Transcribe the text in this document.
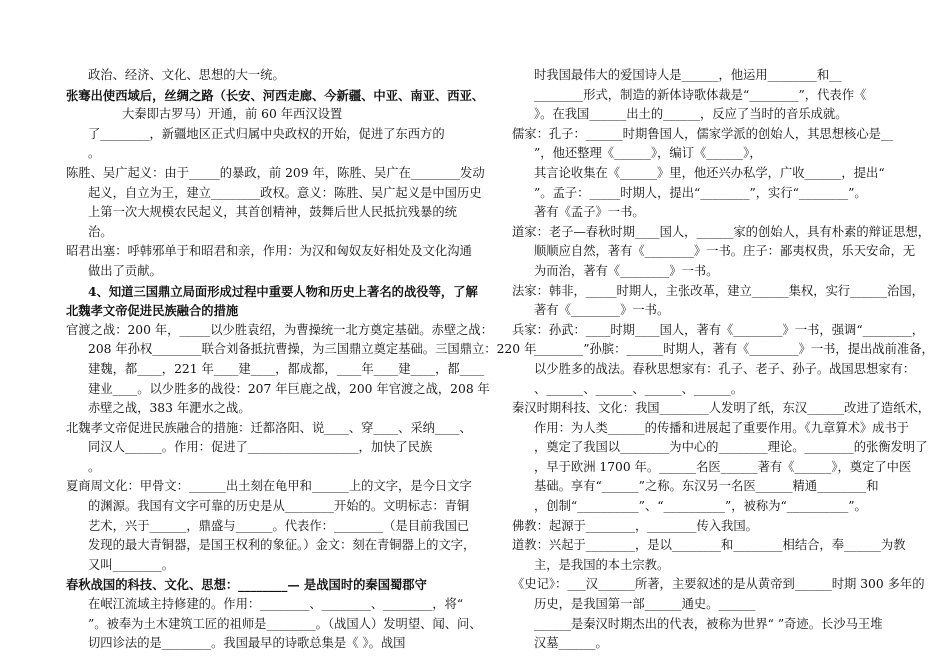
政治、经济、文化、思想的大一统。
张骞出使西域后，丝绸之路（长安、河西走廊、今新疆、中亚、南亚、西亚、
大秦即古罗马）开通，前 60 年西汉设置
了________，新疆地区正式归属中央政权的开始，促进了东西方的
。
陈胜、吴广起义：由于_____的暴政，前 209 年，陈胜、吴广在________发动
起义，自立为王，建立________政权。意义：陈胜、吴广起义是中国历史
上第一次大规模农民起义，其首创精神，鼓舞后世人民抵抗残暴的统
治。
昭君出塞：呼韩邪单于和昭君和亲，作用：为汉和匈奴友好相处及文化沟通
做出了贡献。
4、知道三国鼎立局面形成过程中重要人物和历史上著名的战役等，了解
北魏孝文帝促进民族融合的措施
官渡之战：200 年，_____以少胜袁绍，为曹操统一北方奠定基础。赤壁之战：
208 年孙权________联合刘备抵抗曹操，为三国鼎立奠定基础。三国鼎立：220 年
建魏，都____，221 年____建____，都成都，____年____建____，都____
建业____。以少胜多的战役：207 年巨鹿之战，200 年官渡之战，208 年
赤壁之战，383 年淝水之战。
北魏孝文帝促进民族融合的措施：迁都洛阳、说____、穿____、采纳____、
同汉人______。作用：促进了__________________，加快了民族
。
夏商周文化：甲骨文：______出土刻在龟甲和______上的文字，是今日文字
的渊源。我国有文字可靠的历史是从________开始的。文明标志：青铜
艺术，兴于______，鼎盛与______。代表作：________（是目前我国已
发现的最大青铜器，是国王权利的象征。）金文：刻在青铜器上的文字，
又叫________。
春秋战国的科技、文化、思想：________— 是战国时的秦国蜀郡守
在岷江流域主持修建的。作用：________、________、________，将“
”。被奉为土木建筑工匠的祖师是________。（战国人）发明望、闻、问、
切四诊法的是________。我国最早的诗歌总集是《 》。战国
时我国最伟大的爱国诗人是______，他运用________和__
________形式，制造的新体诗歌体裁是“________”，代表作《
》。在我国______出土的______，反应了当时的音乐成就。
儒家：孔子：______时期鲁国人，儒家学派的创始人，其思想核心是__
”，他还整理《______》，编订《______》，
其言论收集在《______》里，他还兴办私学，广收______，提出“
”。孟子：_____时期人，提出“________”，实行“________”。
著有《孟子》一书。
道家：老子—春秋时期____国人，______家的创始人，具有朴素的辩证思想，
顺顺应自然，著有《________》一书。庄子：鄙夷权贵，乐天安命，无
为而治，著有《________》一书。
法家：韩非，_____时期人，主张改革，建立______集权，实行______治国，
著有《________》一书。
兵家：孙武：____时期____国人，著有《________》一书，强调“________，
________”孙膑：______时期人，著有《________》一书，提出战前准备，
以少胜多的战法。春秋思想家有：孔子、老子、孙子。战国思想家有：
、______、______、______、______。
秦汉时期科技、文化：我国________人发明了纸，东汉______改进了造纸术，
作用：为人类______的传播和进展起了重要作用。《九章算术》成书于
，奠定了我国以________为中心的________理论。________的张衡发明了
，早于欧洲 1700 年。______名医______著有《______》，奠定了中医
基础。享有“______”之称。东汉另一名医______精通________和
，创制“__________”、“__________”，被称为“__________”。
佛教：起源于________，________传入我国。
道教：兴起于________，是以________和________相结合，奉______为教
主，是我国的本土宗教。
《史记》：___汉______所著，主要叙述的是从黄帝到______时期 300 多年的
历史，是我国第一部______通史。______
______是秦汉时期杰出的代表，被称为世界“ ”奇迹。长沙马王堆
汉墓______。
